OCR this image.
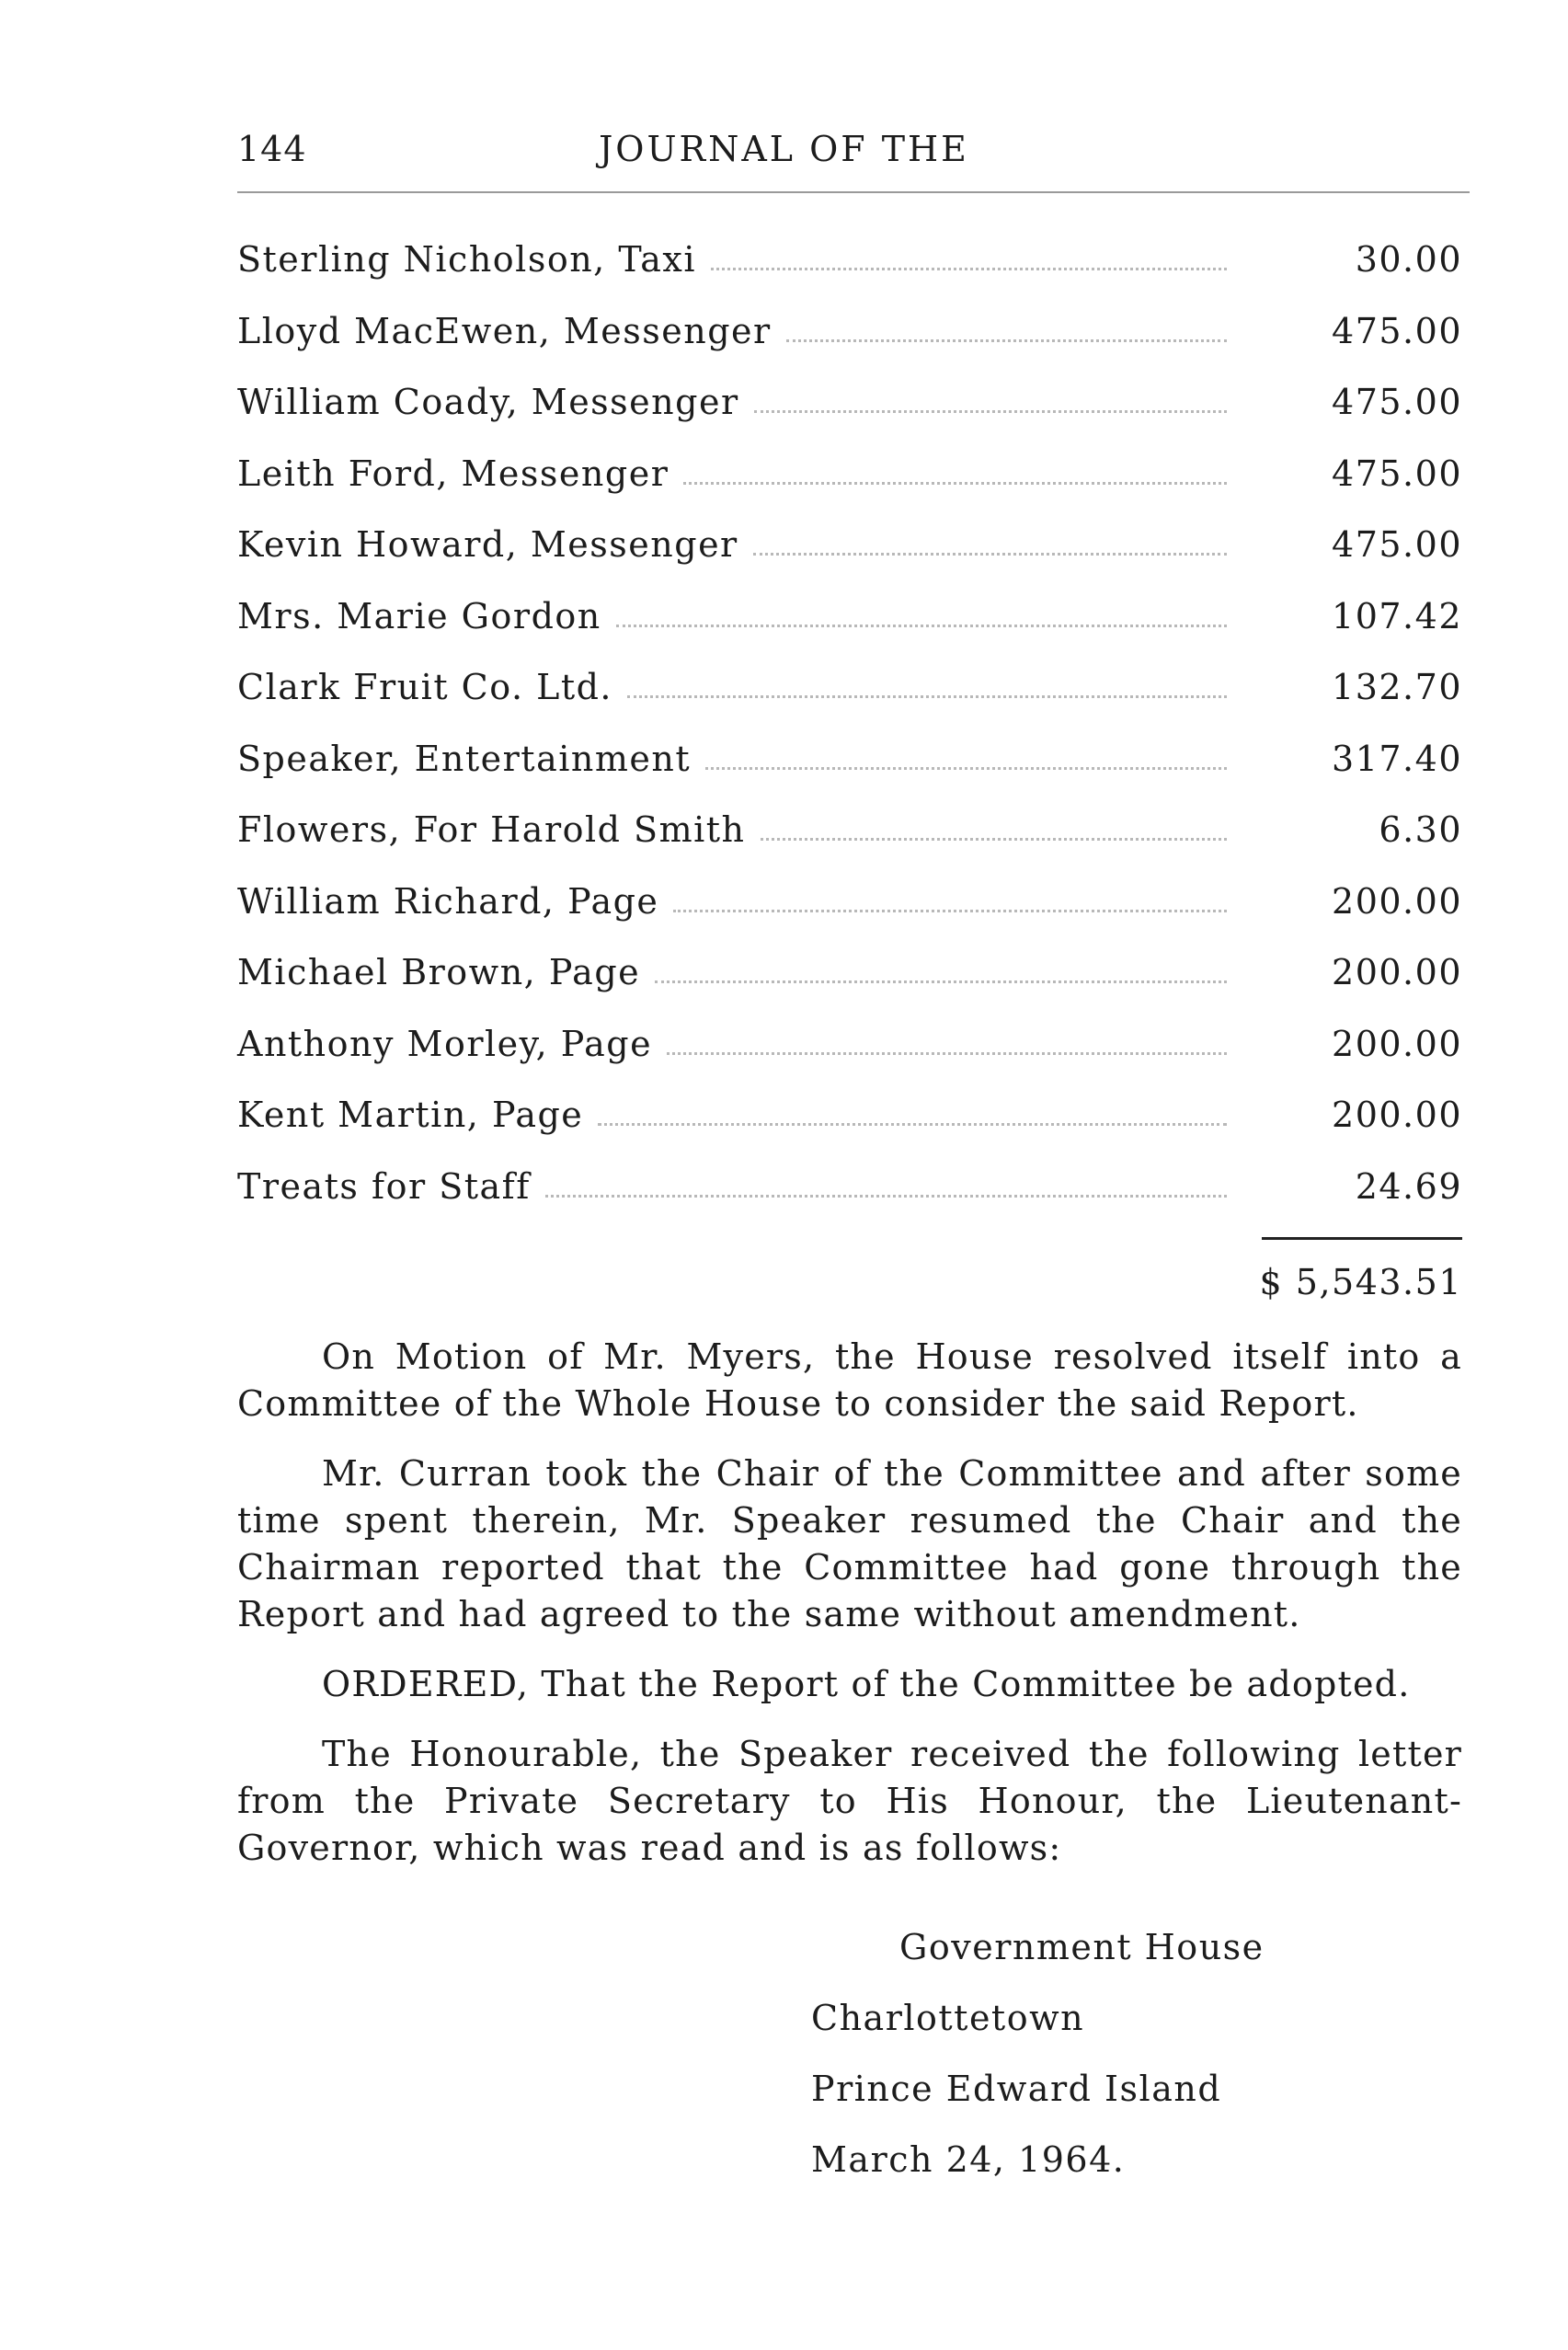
144	JOURNAL OF THE
Sterling Nicholson, Taxi	30.00
Lloyd MacEwen, Messenger	475.00
William Coady, Messenger	475.00
Leith Ford, Messenger	475.00
Kevin Howard, Messenger	475.00
Mrs. Marie Gordon	107.42
Clark Fruit Co. Ltd.	132.70
Speaker, Entertainment	317.40
Flowers, For Harold Smith	6.30
William Richard, Page	200.00
Michael Brown, Page	200.00
Anthony Morley, Page	200.00
Kent Martin, Page	200.00
Treats for Staff	24.69
$ 5,543.51

On Motion of Mr. Myers, the House resolved itself into a Committee of the Whole House to consider the said Report.

Mr. Curran took the Chair of the Committee and after some time spent therein, Mr. Speaker resumed the Chair and the Chairman reported that the Committee had gone through the Report and had agreed to the same without amendment.

ORDERED, That the Report of the Committee be adopted.

The Honourable, the Speaker received the following letter from the Private Secretary to His Honour, the Lieutenant-Governor, which was read and is as follows:

Government House
Charlottetown
Prince Edward Island
March 24, 1964.
